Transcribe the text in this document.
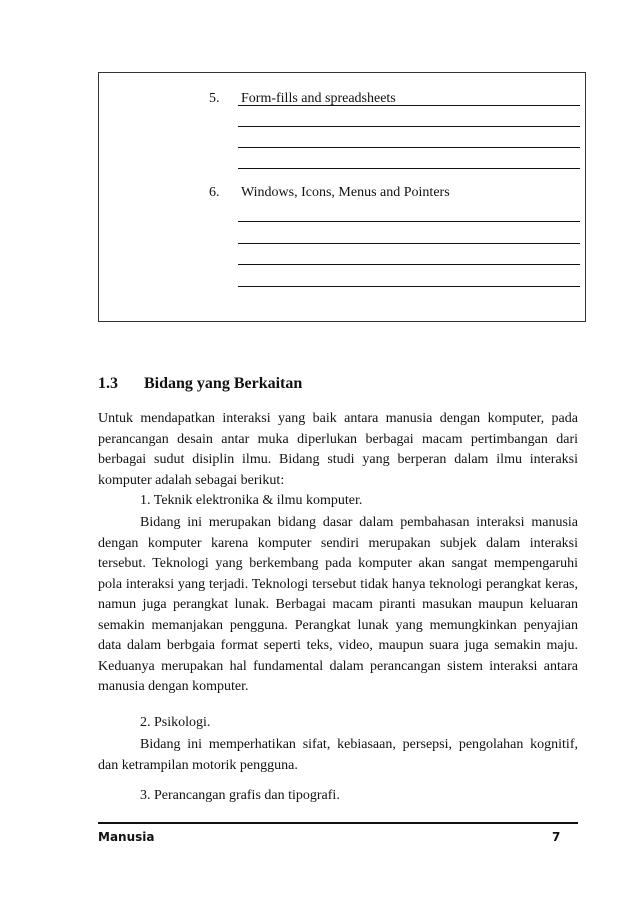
5. Form-fills and spreadsheets
6. Windows, Icons, Menus and Pointers
1.3 Bidang yang Berkaitan

Untuk mendapatkan interaksi yang baik antara manusia dengan komputer, pada perancangan desain antar muka diperlukan berbagai macam pertimbangan dari berbagai sudut disiplin ilmu. Bidang studi yang berperan dalam ilmu interaksi komputer adalah sebagai berikut:

1. Teknik elektronika & ilmu komputer.

Bidang ini merupakan bidang dasar dalam pembahasan interaksi manusia dengan komputer karena komputer sendiri merupakan subjek dalam interaksi tersebut. Teknologi yang berkembang pada komputer akan sangat mempengaruhi pola interaksi yang terjadi. Teknologi tersebut tidak hanya teknologi perangkat keras, namun juga perangkat lunak. Berbagai macam piranti masukan maupun keluaran semakin memanjakan pengguna. Perangkat lunak yang memungkinkan penyajian data dalam berbgaia format seperti teks, video, maupun suara juga semakin maju. Keduanya merupakan hal fundamental dalam perancangan sistem interaksi antara manusia dengan komputer.

2. Psikologi.

Bidang ini memperhatikan sifat, kebiasaan, persepsi, pengolahan kognitif, dan ketrampilan motorik pengguna.

3. Perancangan grafis dan tipografi.
Manusia	7
